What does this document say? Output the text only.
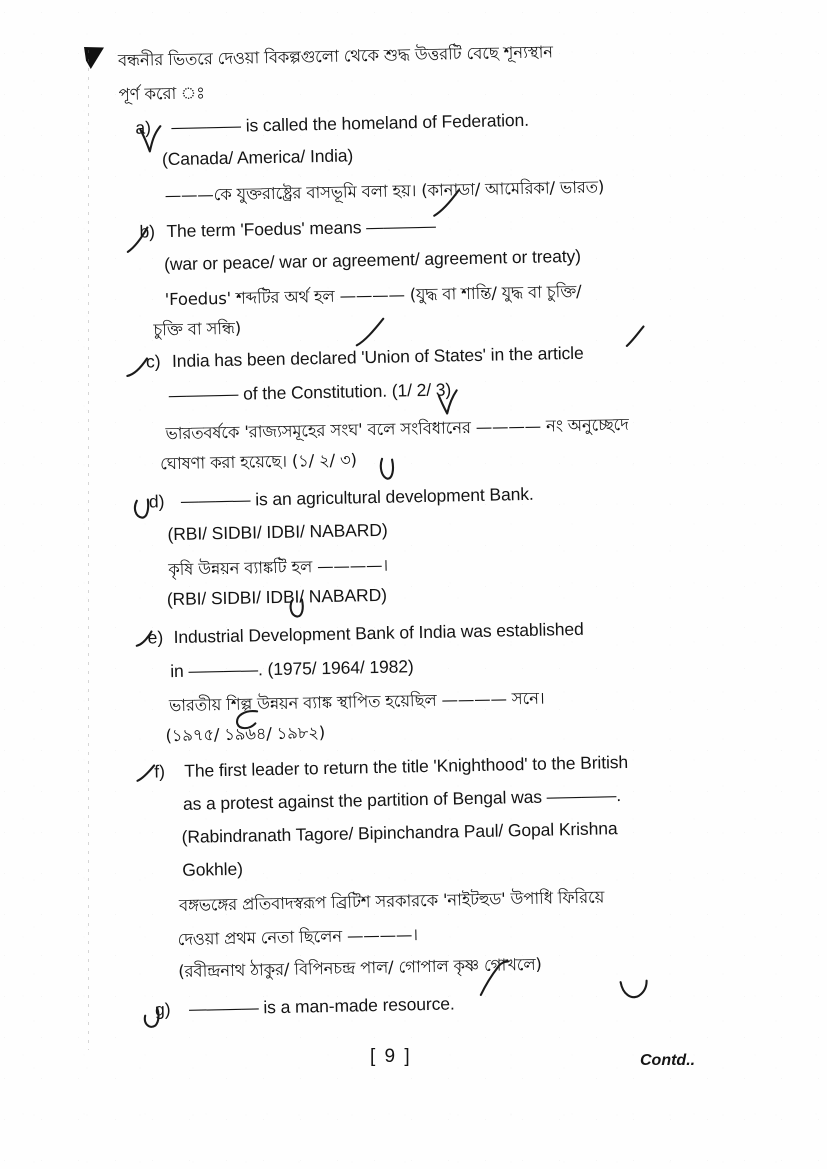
বন্ধনীর ভিতরে দেওয়া বিকল্পগুলো থেকে শুদ্ধ উত্তরটি বেছে শূন্যস্থান
পূর্ণ করো ঃ
a) ———— is called the homeland of Federation.
(Canada/ America/ India)
———কে যুক্তরাষ্ট্রের বাসভূমি বলা হয়। (কানাডা/ আমেরিকা/ ভারত)
b) The term 'Foedus' means ————
(war or peace/ war or agreement/ agreement or treaty)
'Foedus' শব্দটির অর্থ হল ———— (যুদ্ধ বা শান্তি/ যুদ্ধ বা চুক্তি/
চুক্তি বা সন্ধি)
c) India has been declared 'Union of States' in the article
———— of the Constitution. (1/ 2/ 3)
ভারতবর্ষকে 'রাজ্যসমূহের সংঘ' বলে সংবিধানের ———— নং অনুচ্ছেদে
ঘোষণা করা হয়েছে। (১/ ২/ ৩)
d) ———— is an agricultural development Bank.
(RBI/ SIDBI/ IDBI/ NABARD)
কৃষি উন্নয়ন ব্যাঙ্কটি হল ————।
(RBI/ SIDBI/ IDBI/ NABARD)
e) Industrial Development Bank of India was established
in ————. (1975/ 1964/ 1982)
ভারতীয় শিল্প উন্নয়ন ব্যাঙ্ক স্থাপিত হয়েছিল ———— সনে।
(১৯৭৫/ ১৯৬৪/ ১৯৮২)
f) The first leader to return the title 'Knighthood' to the British
as a protest against the partition of Bengal was ————.
(Rabindranath Tagore/ Bipinchandra Paul/ Gopal Krishna
Gokhle)
বঙ্গভঙ্গের প্রতিবাদস্বরূপ ব্রিটিশ সরকারকে 'নাইটহুড' উপাধি ফিরিয়ে
দেওয়া প্রথম নেতা ছিলেন ————।
(রবীন্দ্রনাথ ঠাকুর/ বিপিনচন্দ্র পাল/ গোপাল কৃষ্ণ গোখলে)
g) ———— is a man-made resource.
[ 9 ]	Contd..
